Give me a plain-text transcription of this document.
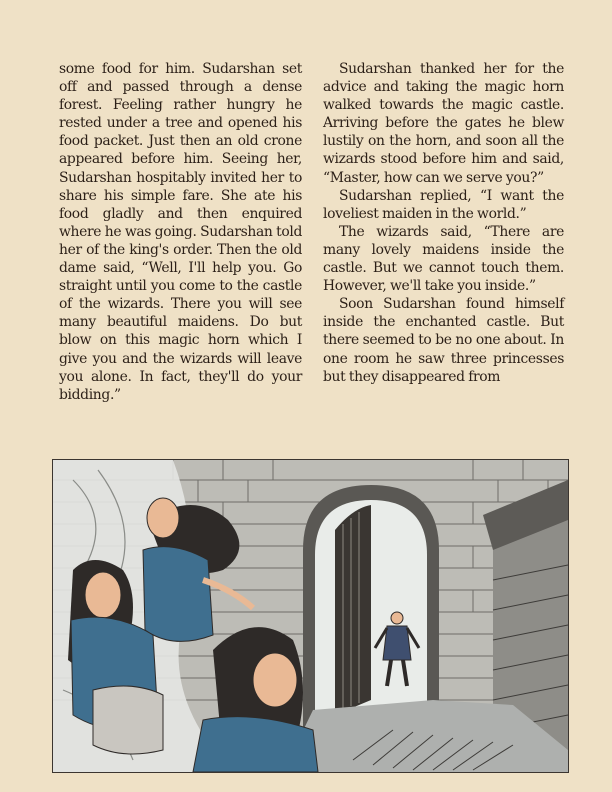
some food for him. Sudarshan set off and passed through a dense forest. Feeling rather hungry he rested under a tree and opened his food packet. Just then an old crone appeared before him. Seeing her, Sudarshan hospitably invited her to share his simple fare. She ate his food gladly and then enquired where he was going. Sudarshan told her of the king's order. Then the old dame said, “Well, I'll help you. Go straight until you come to the castle of the wizards. There you will see many beautiful maidens. Do but blow on this magic horn which I give you and the wizards will leave you alone. In fact, they'll do your bidding.”

Sudarshan thanked her for the advice and taking the magic horn walked towards the magic castle. Arriving before the gates he blew lustily on the horn, and soon all the wizards stood before him and said, “Master, how can we serve you?”

Sudarshan replied, “I want the loveliest maiden in the world.”

The wizards said, “There are many lovely maidens inside the castle. But we cannot touch them. However, we'll take you inside.”

Soon Sudarshan found himself inside the enchanted castle. But there seemed to be no one about. In one room he saw three princesses but they disappeared from
